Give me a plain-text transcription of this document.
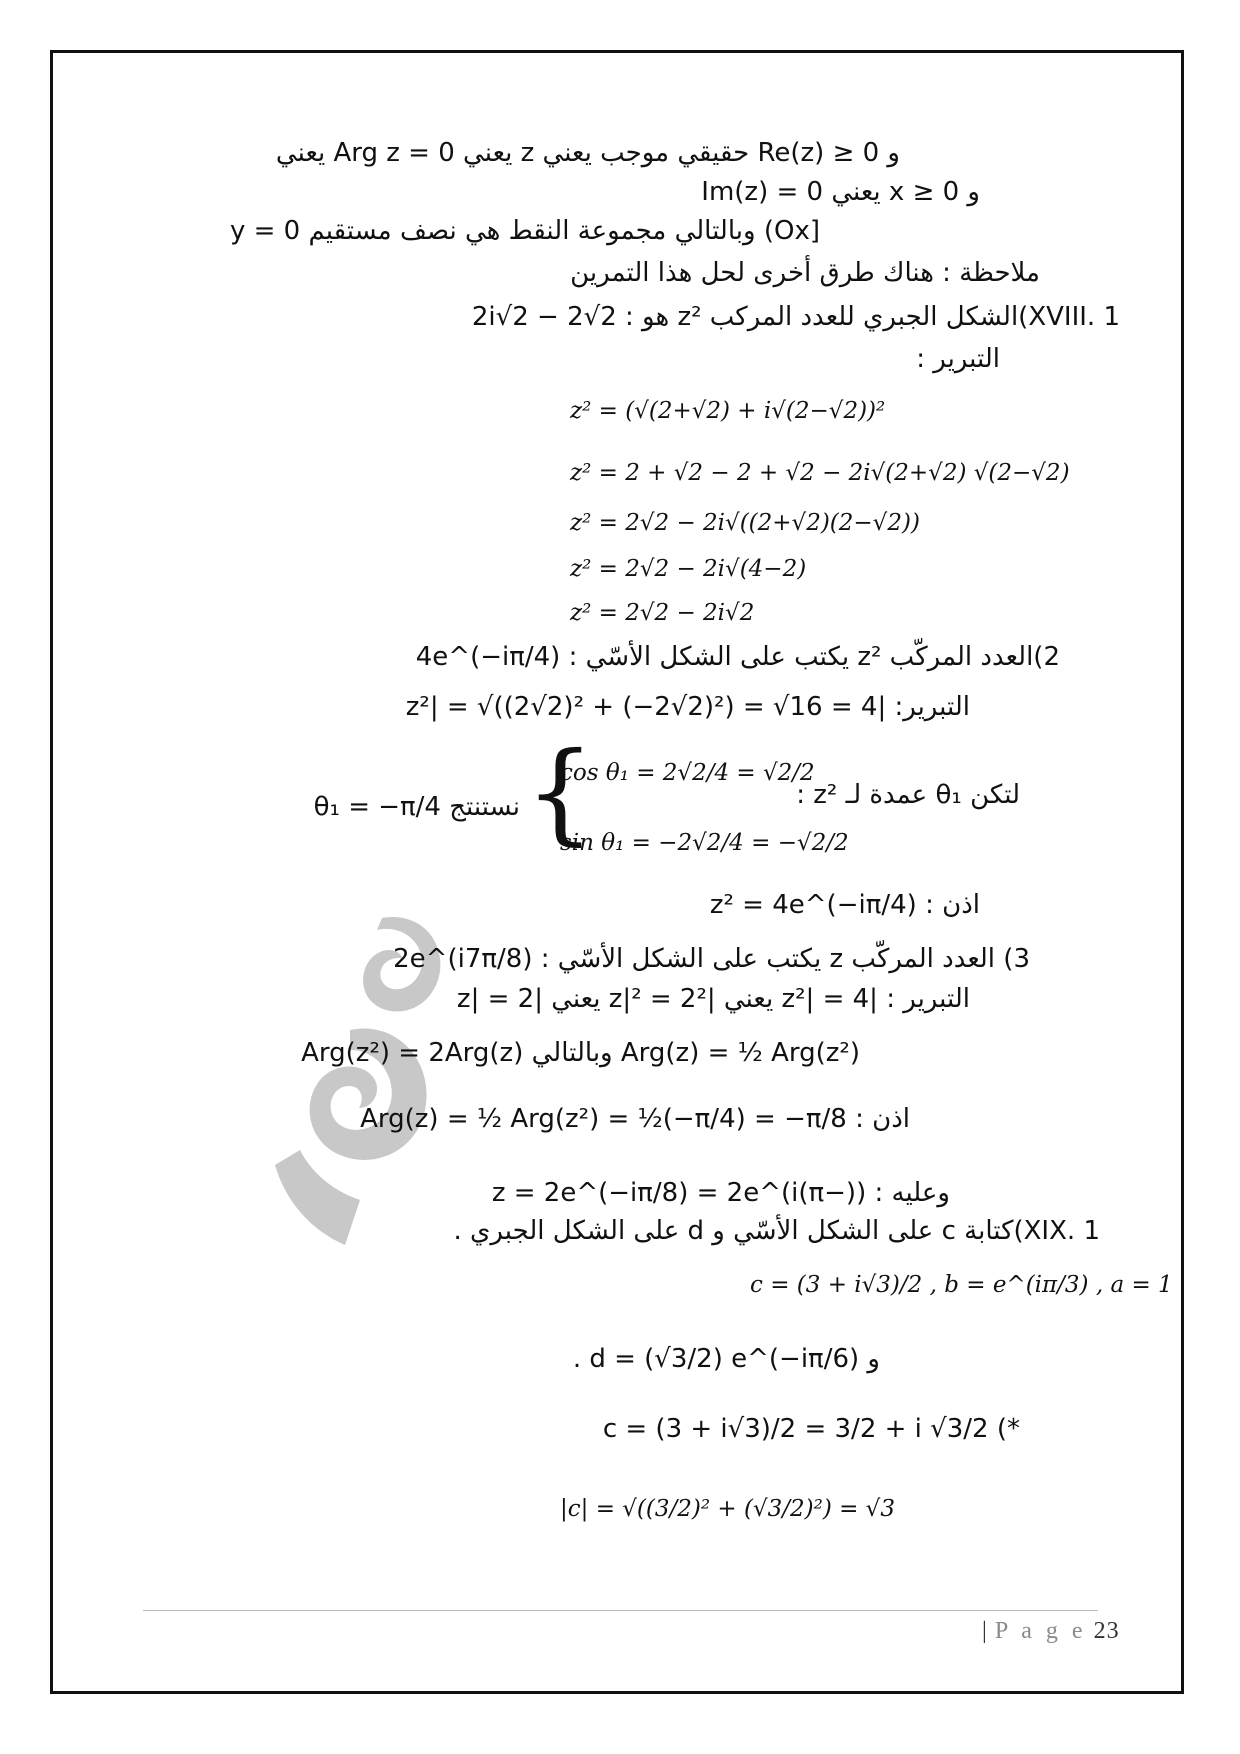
و Re(z) ≥ 0 حقيقي موجب يعني z يعني Arg z = 0 يعني
و x ≥ 0 يعني Im(z) = 0
[Ox) وبالتالي مجموعة النقط هي نصف مستقيم y = 0
ملاحظة : هناك طرق أخرى لحل هذا التمرين
XVIII. 1)الشكل الجبري للعدد المركب z² هو : 2√2 − 2i√2
التبرير :
z² = (√(2+√2) + i√(2−√2))²
z² = 2 + √2 − 2 + √2 − 2i√(2+√2) √(2−√2)
z² = 2√2 − 2i√((2+√2)(2−√2))
z² = 2√2 − 2i√(4−2)
z² = 2√2 − 2i√2
2)العدد المركّب z² يكتب على الشكل الأسّي : 4e^(−iπ/4)
التبرير: |z²| = √((2√2)² + (−2√2)²) = √16 = 4
لتكن θ₁ عمدة لـ z² :
{
cos θ₁ = 2√2/4 = √2/2
sin θ₁ = −2√2/4 = −√2/2
نستنتج θ₁ = −π/4
اذن : z² = 4e^(−iπ/4)
3) العدد المركّب z يكتب على الشكل الأسّي : 2e^(i7π/8)
التبرير : |z²| = 4 يعني |z|² = 2² يعني |z| = 2
Arg(z) = ½ Arg(z²) وبالتالي Arg(z²) = 2Arg(z)
اذن : Arg(z) = ½ Arg(z²) = ½(−π/4) = −π/8
وعليه : z = 2e^(−iπ/8) = 2e^(i(π−))
XIX. 1)كتابة c على الشكل الأسّي و d على الشكل الجبري .
c = (3 + i√3)/2 , b = e^(iπ/3) , a = 1
و d = (√3/2) e^(−iπ/6) .
*) c = (3 + i√3)/2 = 3/2 + i √3/2
|c| = √((3/2)² + (√3/2)²) = √3
| P a g e 23
